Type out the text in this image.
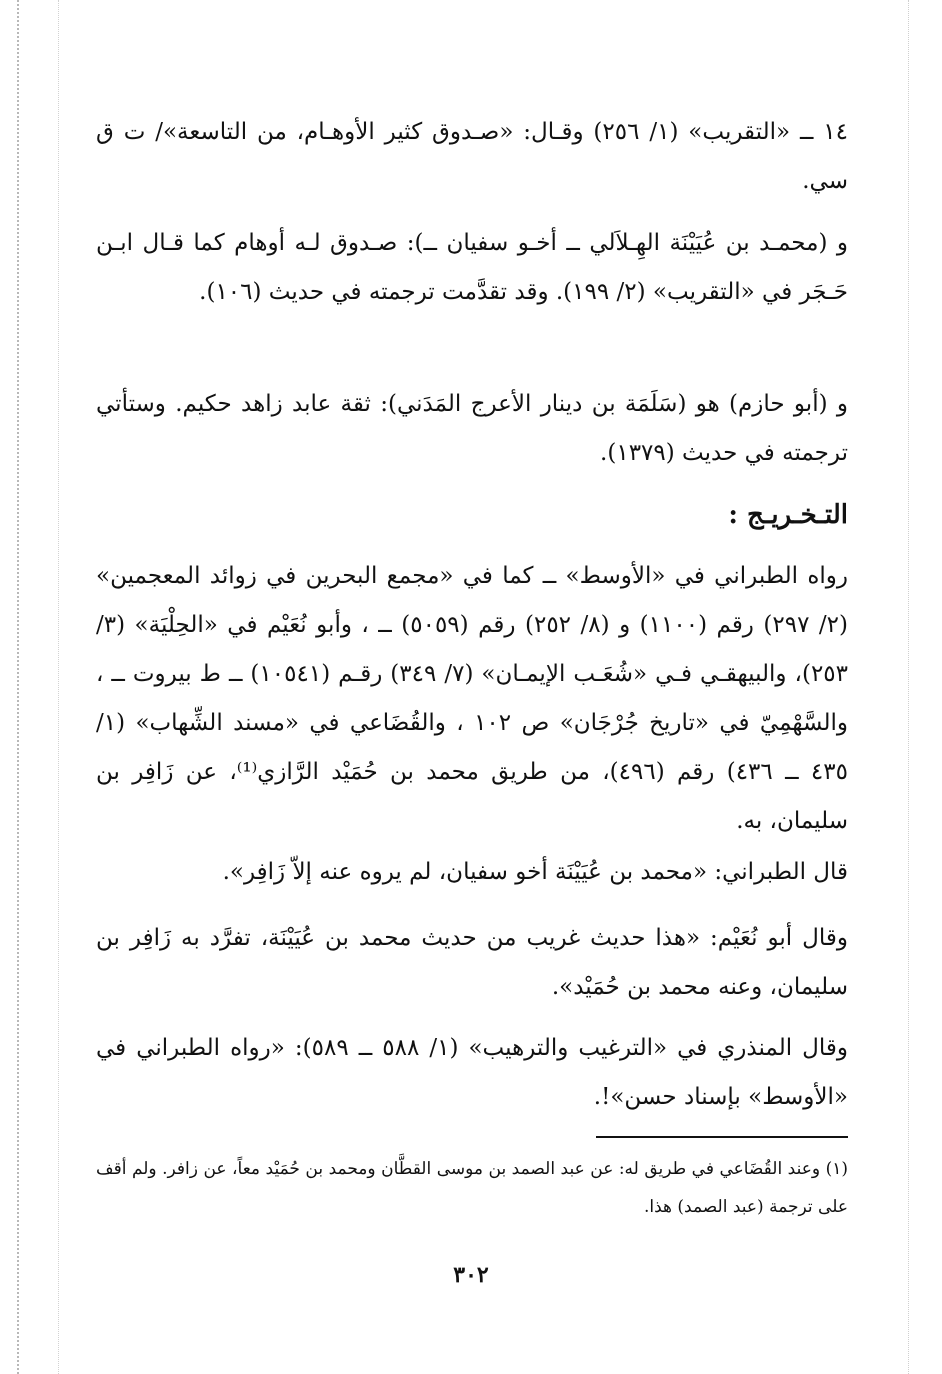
١٤ ــ «التقريب» (١/ ٢٥٦) وقـال: «صـدوق كثير الأوهـام، من التاسعة»/ ت ق سي.

و (محمـد بن عُيَيْنَة الهِـلاَلي ــ أخـو سفيان ــ): صـدوق لـه أوهام كما قـال ابـن حَـجَر في «التقريب» (٢/ ١٩٩). وقد تقدَّمت ترجمته في حديث (١٠٦).

و (أبو حازم) هو (سَلَمَة بن دينار الأعرج المَدَني): ثقة عابد زاهد حكيم. وستأتي ترجمته في حديث (١٣٧٩).

التـخـريـج :

رواه الطبراني في «الأوسط» ــ كما في «مجمع البحرين في زوائد المعجمين» (٢/ ٢٩٧) رقم (١١٠٠) و (٨/ ٢٥٢) رقم (٥٠٥٩) ــ ، وأبو نُعَيْم في «الحِلْيَة» (٣/ ٢٥٣)، والبيهقـي فـي «شُعَـب الإيمـان» (٧/ ٣٤٩) رقـم (١٠٥٤١) ــ ط بيروت ــ ، والسَّهْمِيّ في «تاريخ جُرْجَان» ص ١٠٢ ، والقُضَاعي في «مسند الشِّهاب» (١/ ٤٣٥ ــ ٤٣٦) رقم (٤٩٦)، من طريق محمد بن حُمَيْد الرَّازي⁽¹⁾، عن زَافِر بن سليمان، به.

قال الطبراني: «محمد بن عُيَيْنَة أخو سفيان، لم يروه عنه إلاّ زَافِر».

وقال أبو نُعَيْم: «هذا حديث غريب من حديث محمد بن عُيَيْنَة، تفرَّد به زَافِر بن سليمان، وعنه محمد بن حُمَيْد».

وقال المنذري في «الترغيب والترهيب» (١/ ٥٨٨ ــ ٥٨٩): «رواه الطبراني في «الأوسط» بإسناد حسن»!.

(١) وعند القُضَاعي في طريق له: عن عبد الصمد بن موسى القطَّان ومحمد بن حُمَيْد معاً، عن زافر. ولم أقف على ترجمة (عبد الصمد) هذا.

٣٠٢
